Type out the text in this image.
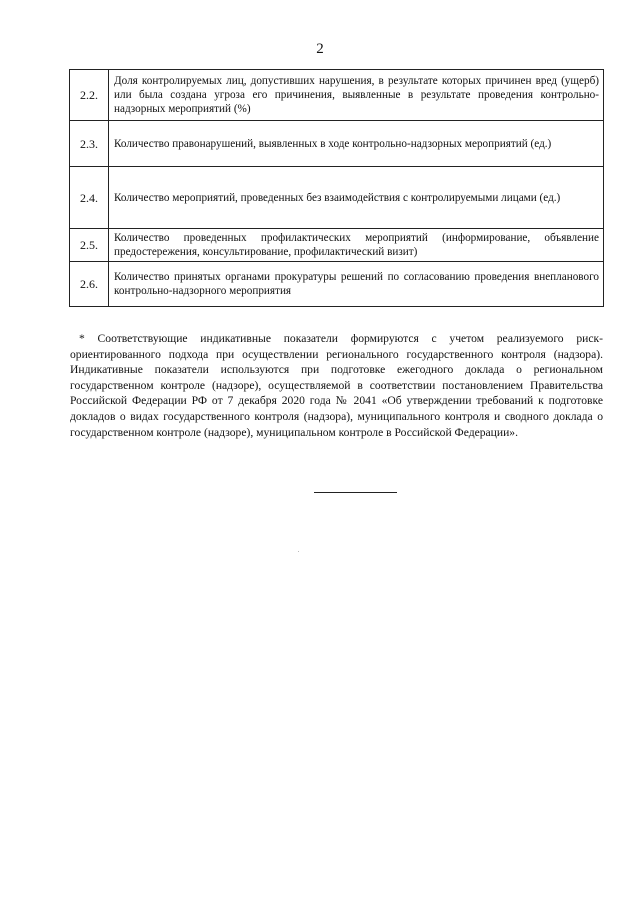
2
2.2.	Доля контролируемых лиц, допустивших нарушения, в результате которых причинен вред (ущерб) или была создана угроза его причинения, выявленные в результате проведения контрольно-надзорных мероприятий (%)
2.3.	Количество правонарушений, выявленных в ходе контрольно-надзорных мероприятий (ед.)
2.4.	Количество мероприятий, проведенных без взаимодействия с контролируемыми лицами (ед.)
2.5.	Количество проведенных профилактических мероприятий (информирование, объявление предостережения, консультирование, профилактический визит)
2.6.	Количество принятых органами прокуратуры решений по согласованию проведения внепланового контрольно-надзорного мероприятия

* Соответствующие индикативные показатели формируются с учетом реализуемого риск-ориентированного подхода при осуществлении регионального государственного контроля (надзора). Индикативные показатели используются при подготовке ежегодного доклада о региональном государственном контроле (надзоре), осуществляемой в соответствии постановлением Правительства Российской Федерации РФ от 7 декабря 2020 года № 2041 «Об утверждении требований к подготовке докладов о видах государственного контроля (надзора), муниципального контроля и сводного доклада о государственном контроле (надзоре), муниципальном контроле в Российской Федерации».
